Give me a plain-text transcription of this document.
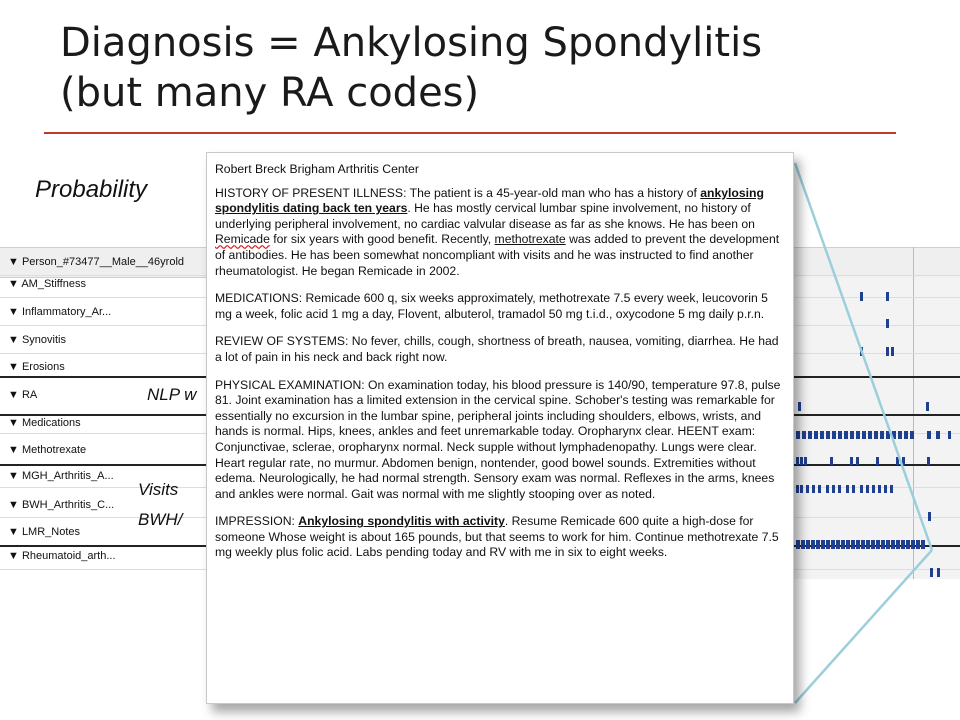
Diagnosis = Ankylosing Spondylitis
(but many RA codes)
Probability
▼ Person_#73477__Male__46yrold
▼ AM_Stiffness
▼ Inflammatory_Ar...
▼ Synovitis
▼ Erosions
▼ RA
▼ Medications
▼ Methotrexate
▼ MGH_Arthritis_A...
▼ BWH_Arthritis_C...
▼ LMR_Notes
▼ Rheumatoid_arth...
NLP w
Visits
BWH/

Robert Breck Brigham Arthritis Center

HISTORY OF PRESENT ILLNESS: The patient is a 45-year-old man who has a history of ankylosing spondylitis dating back ten years. He has mostly cervical lumbar spine involvement, no history of underlying peripheral involvement, no cardiac valvular disease as far as she knows. He has been on Remicade for six years with good benefit. Recently, methotrexate was added to prevent the development of antibodies. He has been somewhat noncompliant with visits and he was instructed to find another rheumatologist. He began Remicade in 2002.

MEDICATIONS: Remicade 600 q, six weeks approximately, methotrexate 7.5 every week, leucovorin 5 mg a week, folic acid 1 mg a day, Flovent, albuterol, tramadol 50 mg t.i.d., oxycodone 5 mg daily p.r.n.

REVIEW OF SYSTEMS: No fever, chills, cough, shortness of breath, nausea, vomiting, diarrhea. He had a lot of pain in his neck and back right now.

PHYSICAL EXAMINATION: On examination today, his blood pressure is 140/90, temperature 97.8, pulse 81. Joint examination has a limited extension in the cervical spine. Schober's testing was remarkable for essentially no excursion in the lumbar spine, peripheral joints including shoulders, elbows, wrists, and hands is normal. Hips, knees, ankles and feet unremarkable today. Oropharynx clear. HEENT exam: Conjunctivae, sclerae, oropharynx normal. Neck supple without lymphadenopathy. Lungs were clear. Heart regular rate, no murmur. Abdomen benign, nontender, good bowel sounds. Extremities without edema. Neurologically, he had normal strength. Sensory exam was normal. Reflexes in the arms, knees and ankles were normal. Gait was normal with me slightly stooping over as noted.

IMPRESSION: Ankylosing spondylitis with activity. Resume Remicade 600 quite a high-dose for someone Whose weight is about 165 pounds, but that seems to work for him. Continue methotrexate 7.5 mg weekly plus folic acid. Labs pending today and RV with me in six to eight weeks.
